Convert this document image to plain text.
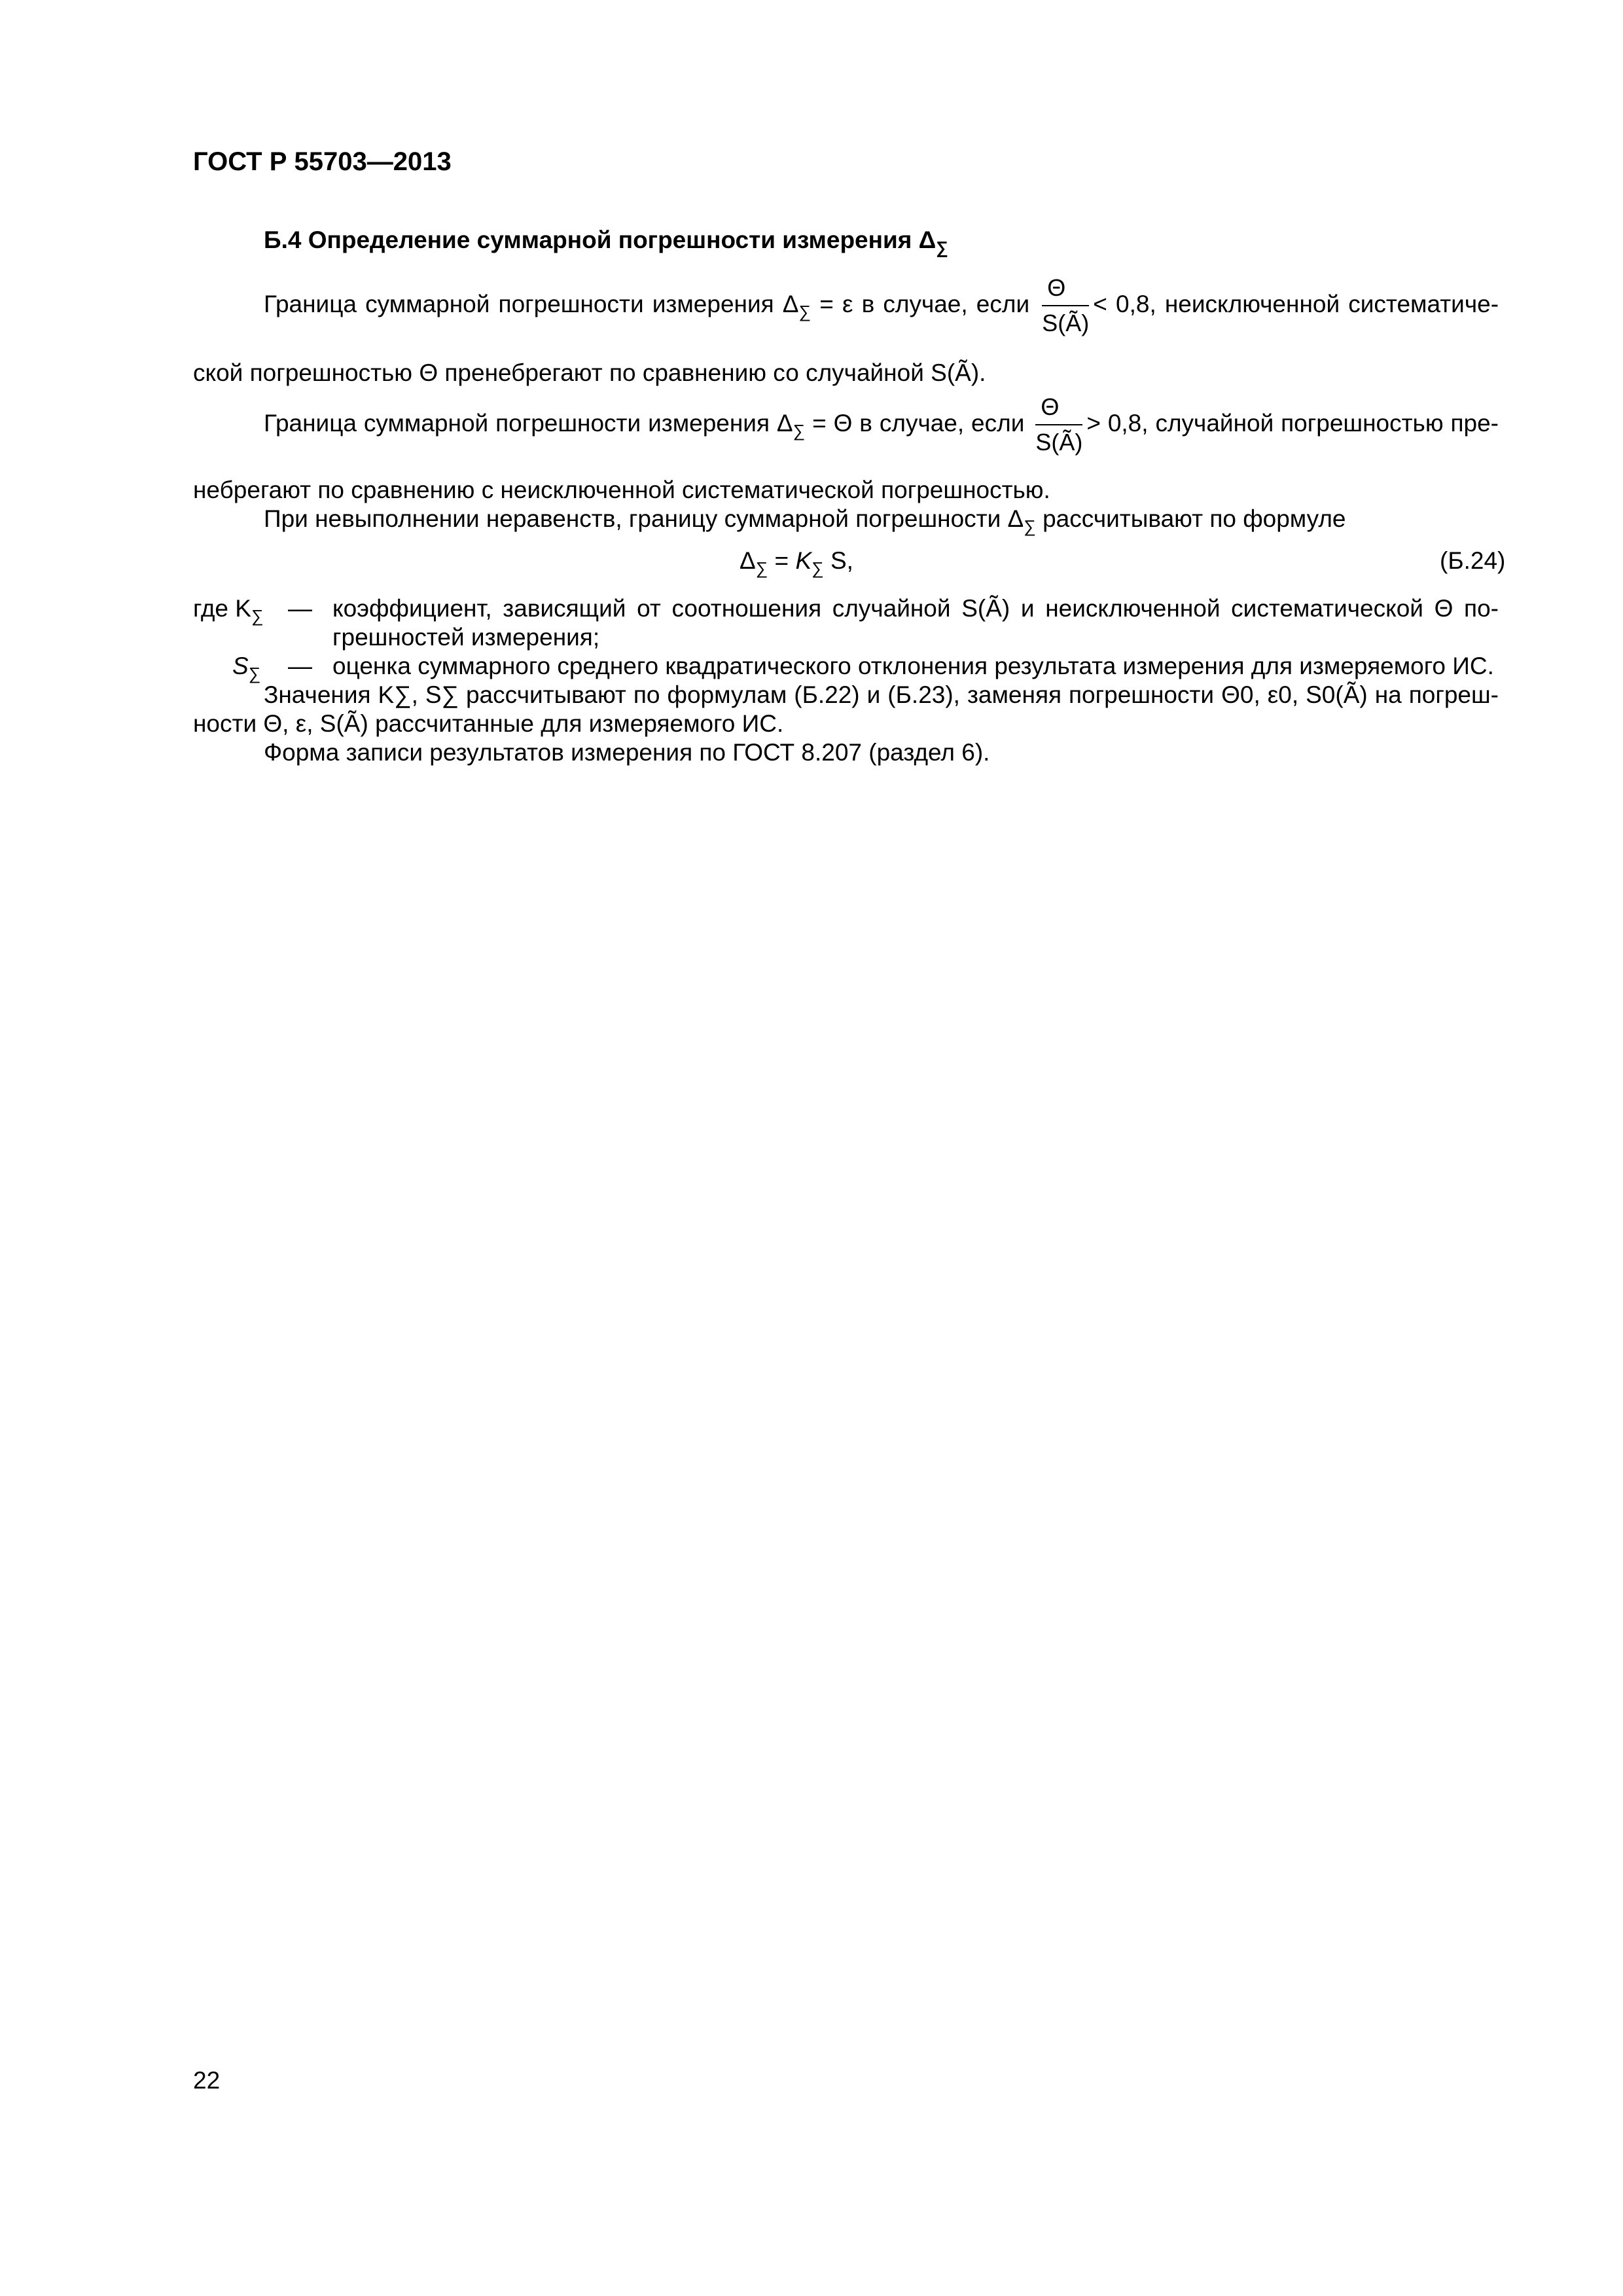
ГОСТ Р 55703—2013
Б.4 Определение суммарной погрешности измерения $\Delta_\sum$
Граница суммарной погрешности измерения $\Delta_\sum = \varepsilon$ в случае, если $\frac{\Theta}{S(Ã)} < 0,8$, неисключенной систематиче-
ской погрешностью Θ пренебрегают по сравнению со случайной S(Ã).
Граница суммарной погрешности измерения $\Delta_\sum = \Theta$ в случае, если $\frac{\Theta}{S(Ã)} > 0,8$, случайной погрешностью пре-
небрегают по сравнению с неисключенной систематической погрешностью.
При невыполнении неравенств, границу суммарной погрешности $\Delta_\sum$ рассчитывают по формуле
$\Delta_\sum = K_\sum$ S,	(Б.24)
где $K_\sum$ — коэффициент, зависящий от соотношения случайной S(Ã) и неисключенной систематической Θ по-
грешностей измерения;
$S_\sum$ — оценка суммарного среднего квадратического отклонения результата измерения для измеряемого ИС.
Значения K∑, S∑ рассчитывают по формулам (Б.22) и (Б.23), заменяя погрешности Θ0, ε0, S0(Ã) на погреш-
ности Θ, ε, S(Ã) рассчитанные для измеряемого ИС.
Форма записи результатов измерения по ГОСТ 8.207 (раздел 6).
22
